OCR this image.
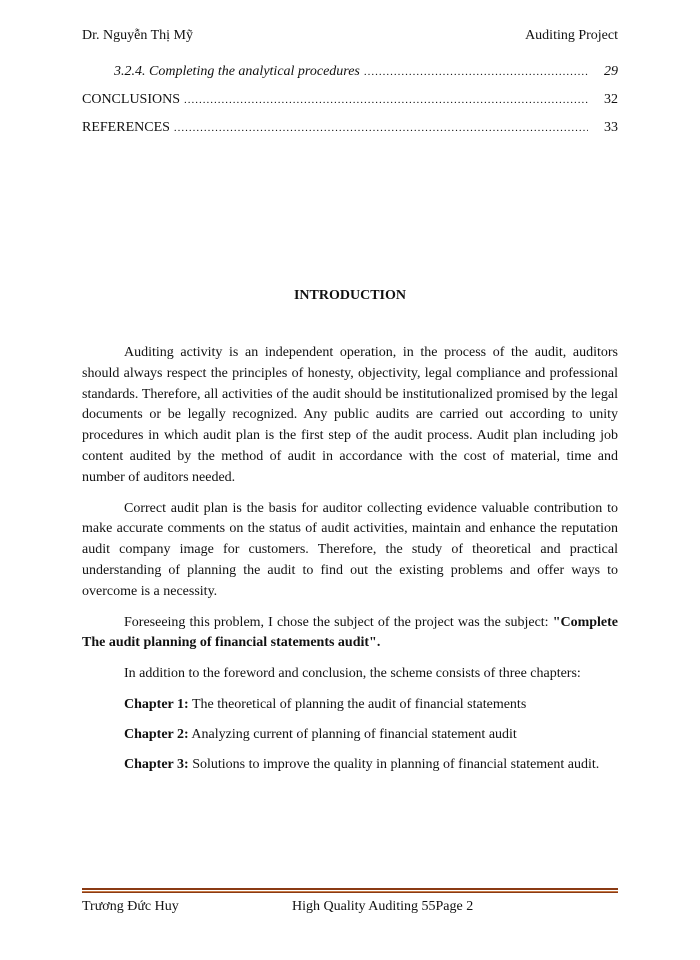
Dr. Nguyễn Thị Mỹ	Auditing Project
3.2.4. Completing the analytical procedures .....	29
CONCLUSIONS .....	32
REFERENCES .....	33
INTRODUCTION

Auditing activity is an independent operation, in the process of the audit, auditors should always respect the principles of honesty, objectivity, legal compliance and professional standards. Therefore, all activities of the audit should be institutionalized promised by the legal documents or be legally recognized. Any public audits are carried out according to unity procedures in which audit plan is the first step of the audit process. Audit plan including job content audited by the method of audit in accordance with the cost of material, time and number of auditors needed.

Correct audit plan is the basis for auditor collecting evidence valuable contribution to make accurate comments on the status of audit activities, maintain and enhance the reputation audit company image for customers. Therefore, the study of theoretical and practical understanding of planning the audit to find out the existing problems and offer ways to overcome is a necessity.

Foreseeing this problem, I chose the subject of the project was the subject: "Complete The audit planning of financial statements audit".

In addition to the foreword and conclusion, the scheme consists of three chapters:

Chapter 1: The theoretical of planning the audit of financial statements

Chapter 2: Analyzing current of planning of financial statement audit

Chapter 3: Solutions to improve the quality in planning of financial statement audit.

Trương Đức Huy	High Quality Auditing 55Page 2
